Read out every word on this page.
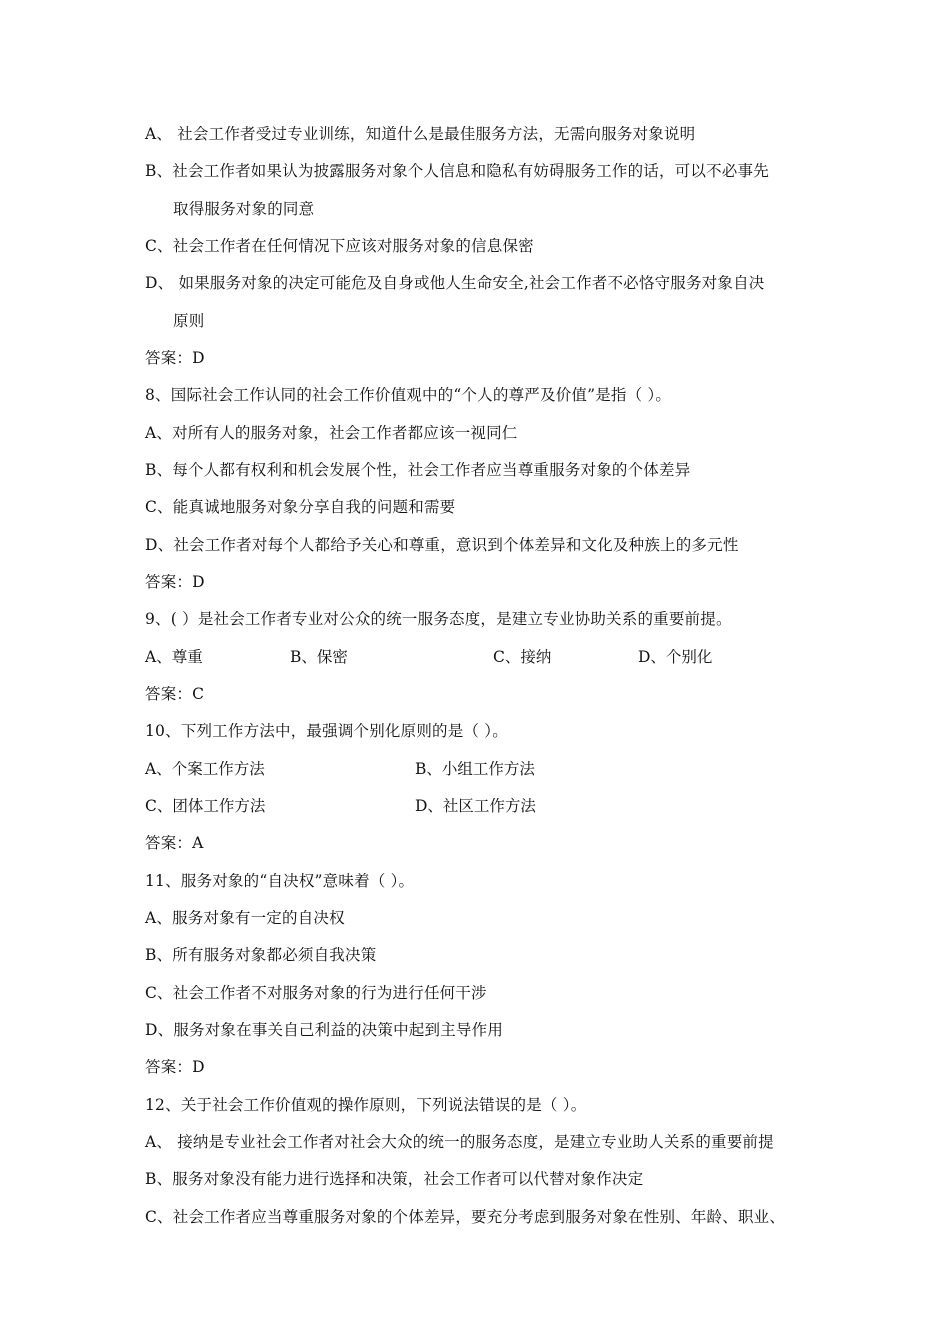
A、 社会工作者受过专业训练，知道什么是最佳服务方法，无需向服务对象说明
B、社会工作者如果认为披露服务对象个人信息和隐私有妨碍服务工作的话，可以不必事先
取得服务对象的同意
C、社会工作者在任何情况下应该对服务对象的信息保密
D、 如果服务对象的决定可能危及自身或他人生命安全,社会工作者不必恪守服务对象自决
原则
答案：D
8、国际社会工作认同的社会工作价值观中的“个人的尊严及价值”是指（ ）。
A、对所有人的服务对象，社会工作者都应该一视同仁
B、每个人都有权利和机会发展个性，社会工作者应当尊重服务对象的个体差异
C、能真诚地服务对象分享自我的问题和需要
D、社会工作者对每个人都给予关心和尊重，意识到个体差异和文化及种族上的多元性
答案：D
9、( ）是社会工作者专业对公众的统一服务态度，是建立专业协助关系的重要前提。
A、尊重	B、保密	C、接纳	D、个别化
答案：C
10、下列工作方法中，最强调个别化原则的是（ ）。
A、个案工作方法	B、小组工作方法
C、团体工作方法	D、社区工作方法
答案：A
11、服务对象的“自决权”意味着（ ）。
A、服务对象有一定的自决权
B、所有服务对象都必须自我决策
C、社会工作者不对服务对象的行为进行任何干涉
D、服务对象在事关自己利益的决策中起到主导作用
答案：D
12、关于社会工作价值观的操作原则，下列说法错误的是（ ）。
A、 接纳是专业社会工作者对社会大众的统一的服务态度，是建立专业助人关系的重要前提
B、服务对象没有能力进行选择和决策，社会工作者可以代替对象作决定
C、社会工作者应当尊重服务对象的个体差异，要充分考虑到服务对象在性别、年龄、职业、
